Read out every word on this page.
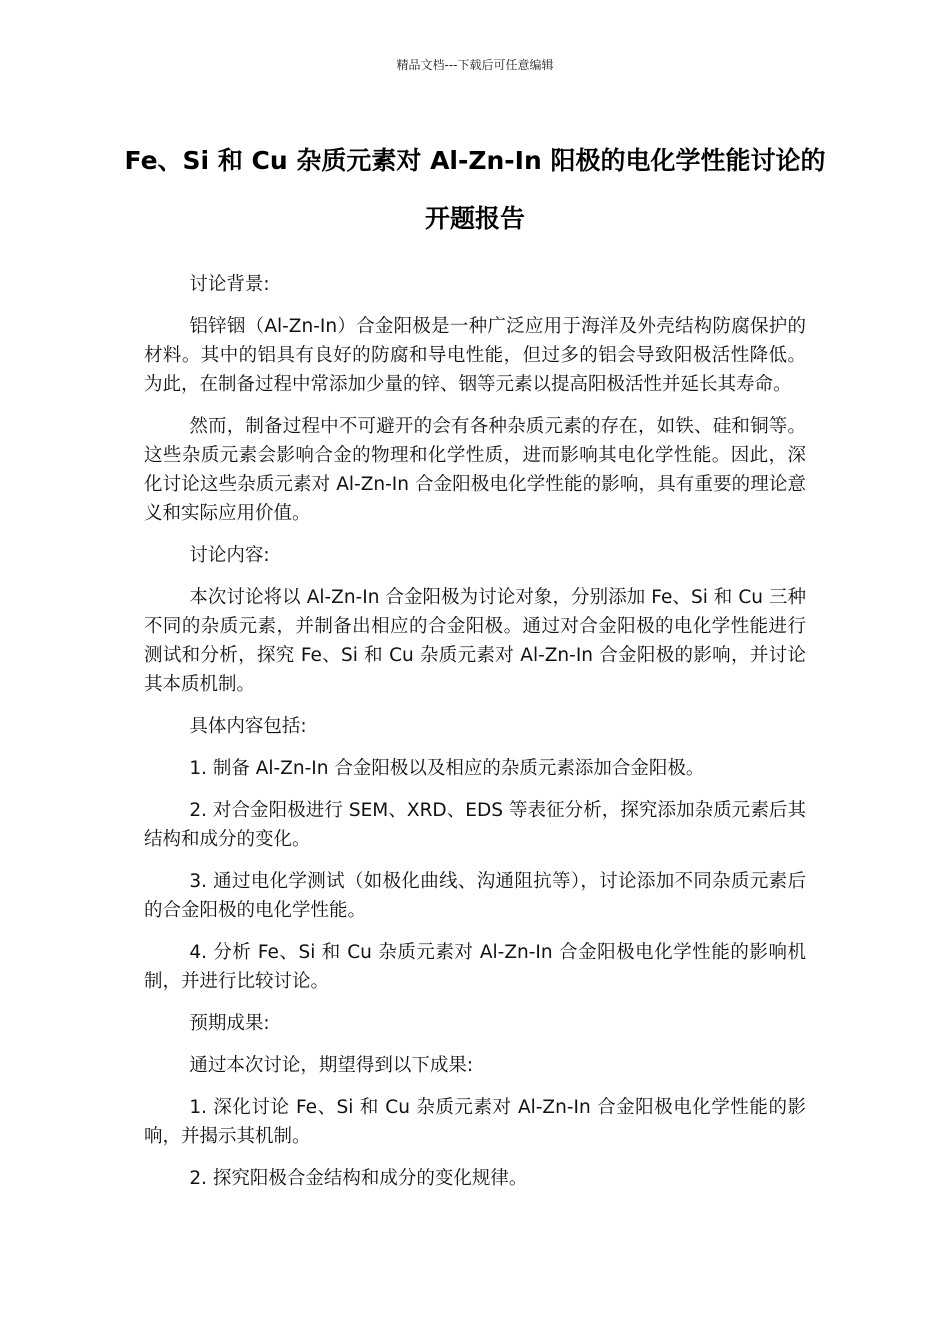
精品文档---下载后可任意编辑
Fe、Si 和 Cu 杂质元素对 Al-Zn-In 阳极的电化学性能讨论的开题报告

讨论背景:

铝锌铟（Al-Zn-In）合金阳极是一种广泛应用于海洋及外壳结构防腐保护的材料。其中的铝具有良好的防腐和导电性能，但过多的铝会导致阳极活性降低。为此，在制备过程中常添加少量的锌、铟等元素以提高阳极活性并延长其寿命。

然而，制备过程中不可避开的会有各种杂质元素的存在，如铁、硅和铜等。这些杂质元素会影响合金的物理和化学性质，进而影响其电化学性能。因此，深化讨论这些杂质元素对 Al-Zn-In 合金阳极电化学性能的影响，具有重要的理论意义和实际应用价值。

讨论内容:

本次讨论将以 Al-Zn-In 合金阳极为讨论对象，分别添加 Fe、Si 和 Cu 三种不同的杂质元素，并制备出相应的合金阳极。通过对合金阳极的电化学性能进行测试和分析，探究 Fe、Si 和 Cu 杂质元素对 Al-Zn-In 合金阳极的影响，并讨论其本质机制。

具体内容包括:

1. 制备 Al-Zn-In 合金阳极以及相应的杂质元素添加合金阳极。

2. 对合金阳极进行 SEM、XRD、EDS 等表征分析，探究添加杂质元素后其结构和成分的变化。

3. 通过电化学测试（如极化曲线、沟通阻抗等），讨论添加不同杂质元素后的合金阳极的电化学性能。

4. 分析 Fe、Si 和 Cu 杂质元素对 Al-Zn-In 合金阳极电化学性能的影响机制，并进行比较讨论。

预期成果:

通过本次讨论，期望得到以下成果:

1. 深化讨论 Fe、Si 和 Cu 杂质元素对 Al-Zn-In 合金阳极电化学性能的影响，并揭示其机制。

2. 探究阳极合金结构和成分的变化规律。
